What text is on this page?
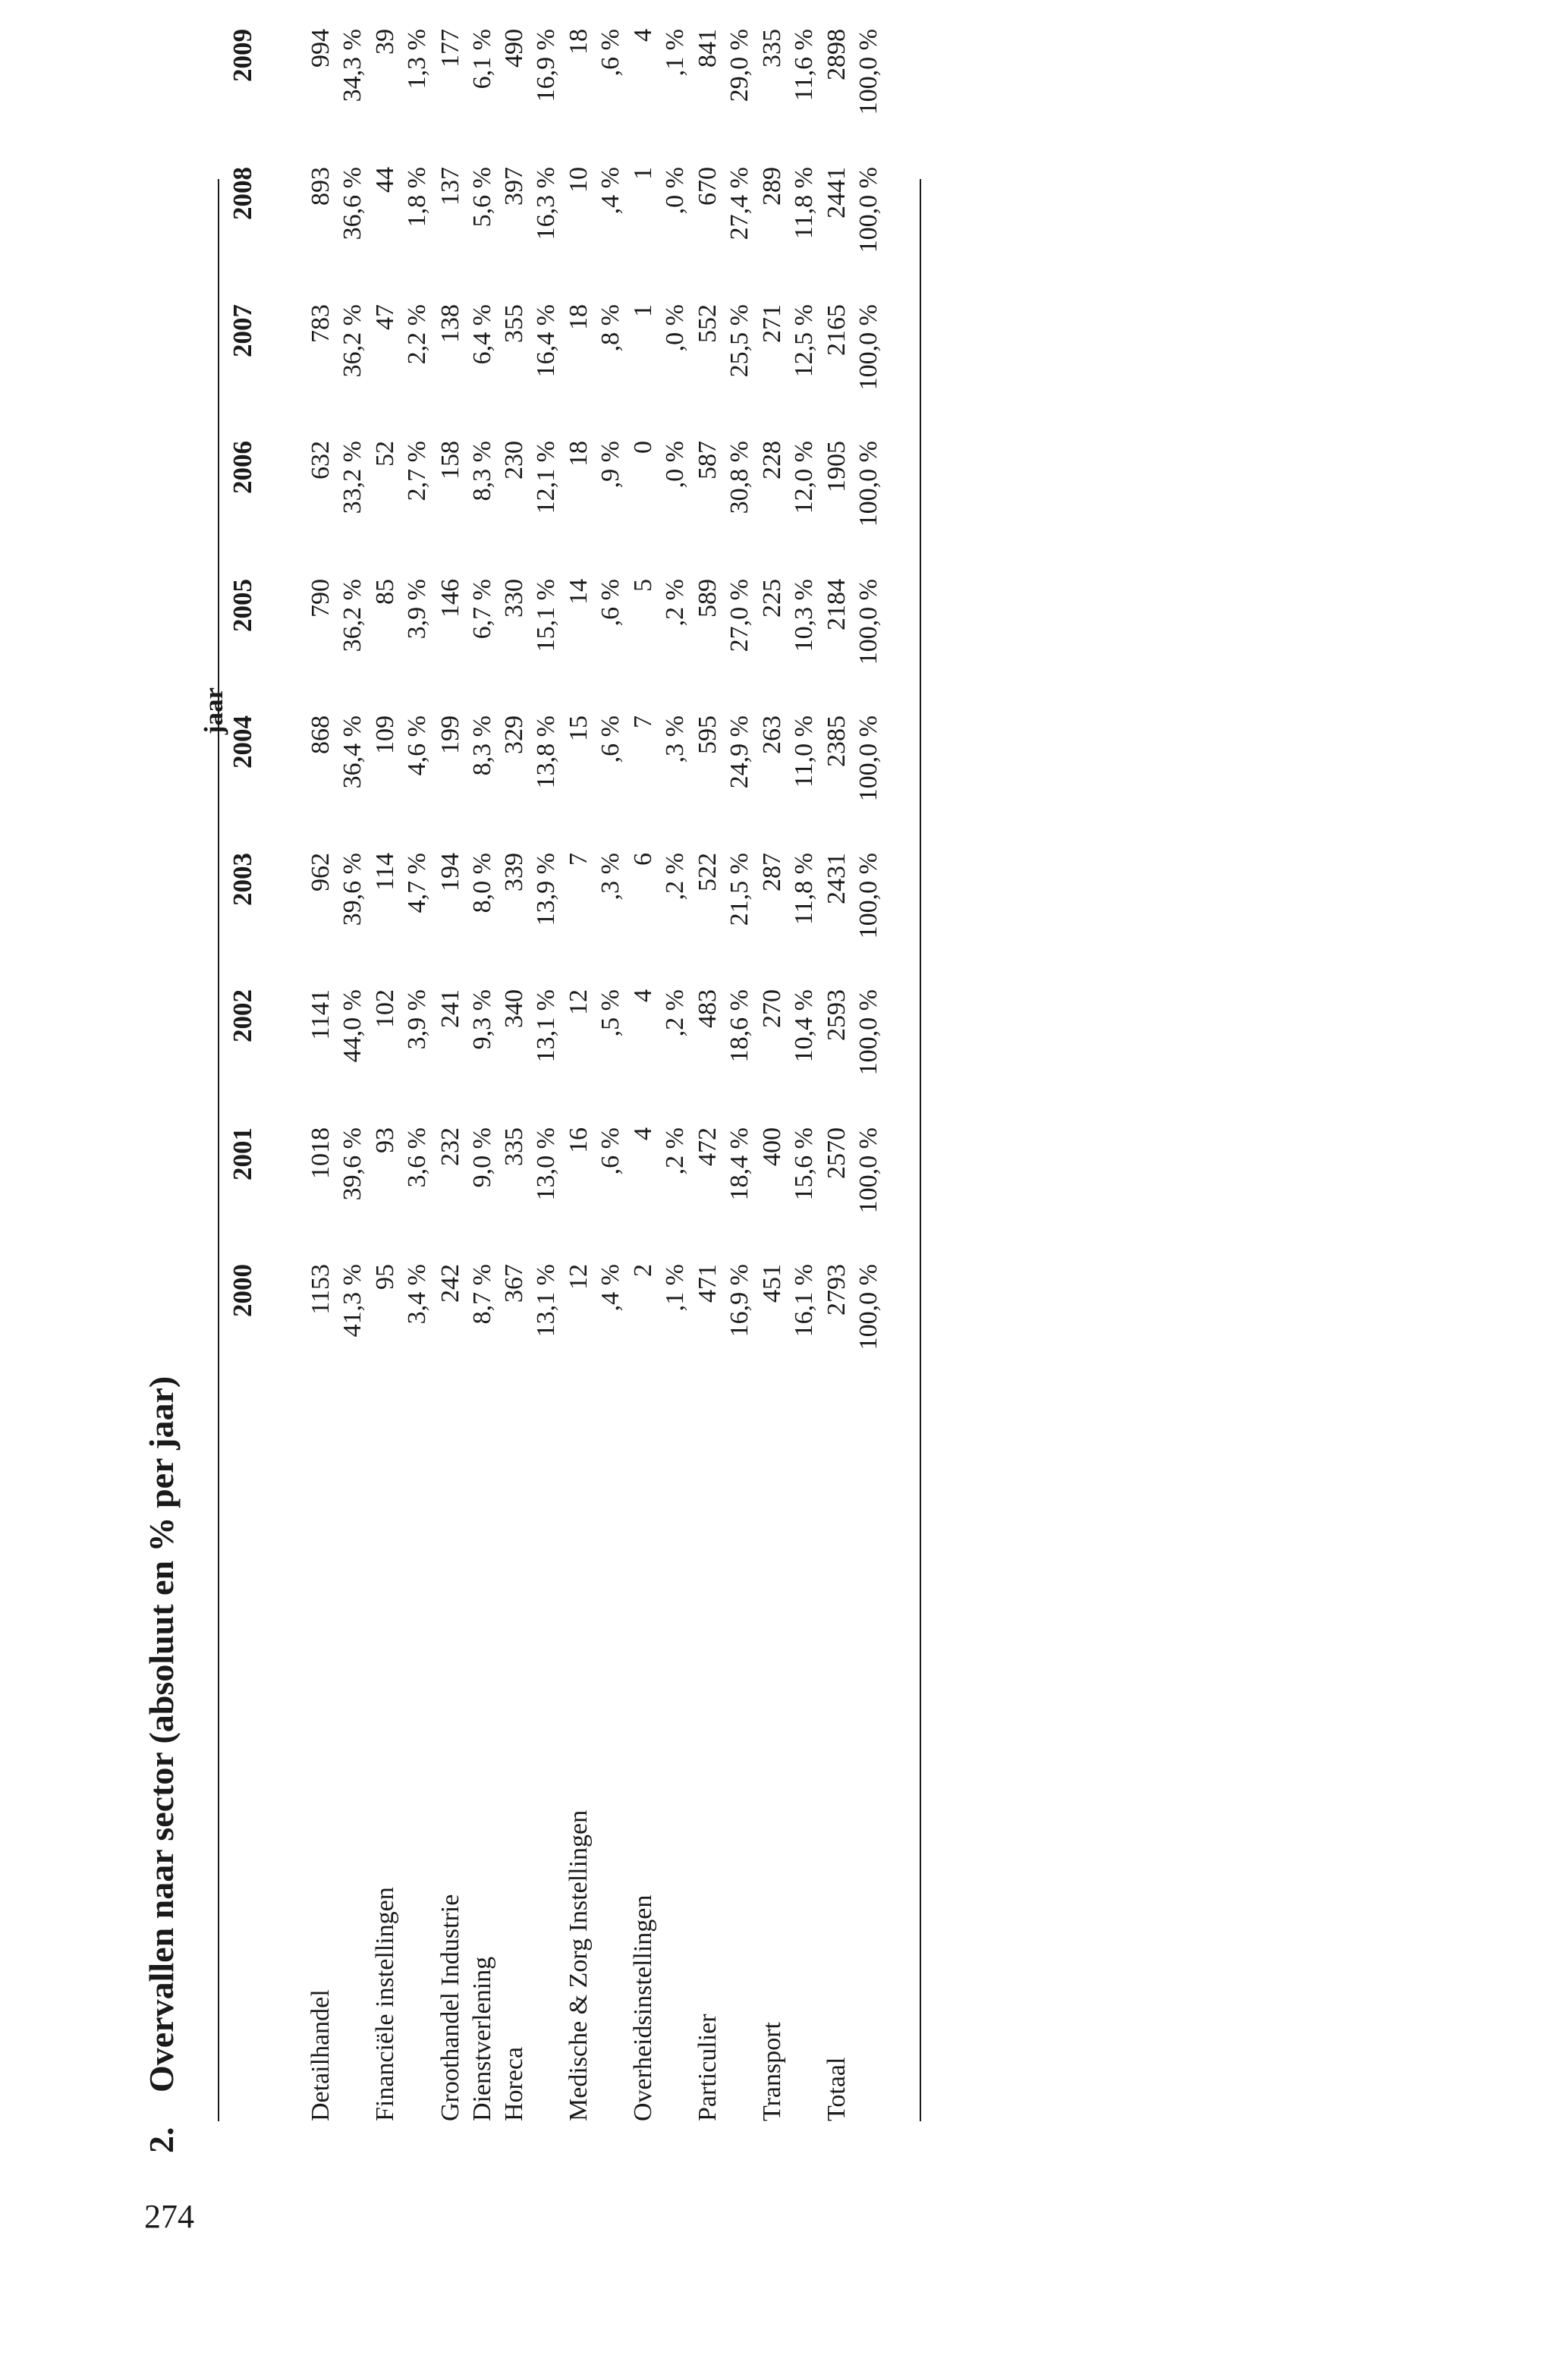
274
2.Overvallen naar sector (absoluut en % per jaar)
jaar
2000
2001
2002
2003
2004
2005
2006
2007
2008
2009
Detailhandel
1153
1018
1141
962
868
790
632
783
893
994
41,3 %
39,6 %
44,0 %
39,6 %
36,4 %
36,2 %
33,2 %
36,2 %
36,6 %
34,3 %
Financiële instellingen
95
93
102
114
109
85
52
47
44
39
3,4 %
3,6 %
3,9 %
4,7 %
4,6 %
3,9 %
2,7 %
2,2 %
1,8 %
1,3 %
Groothandel Industrie
242
232
241
194
199
146
158
138
137
177
8,7 %
9,0 %
9,3 %
8,0 %
8,3 %
6,7 %
8,3 %
6,4 %
5,6 %
6,1 %
Dienstverlening Horeca
367
335
340
339
329
330
230
355
397
490
13,1 %
13,0 %
13,1 %
13,9 %
13,8 %
15,1 %
12,1 %
16,4 %
16,3 %
16,9 %
Medische & Zorg Instellingen
12
16
12
7
15
14
18
18
10
18
,4 %
,6 %
,5 %
,3 %
,6 %
,6 %
,9 %
,8 %
,4 %
,6 %
Overheidsinstellingen
2
4
4
6
7
5
0
1
1
4
,1 %
,2 %
,2 %
,2 %
,3 %
,2 %
,0 %
,0 %
,0 %
,1 %
Particulier
471
472
483
522
595
589
587
552
670
841
16,9 %
18,4 %
18,6 %
21,5 %
24,9 %
27,0 %
30,8 %
25,5 %
27,4 %
29,0 %
Transport
451
400
270
287
263
225
228
271
289
335
16,1 %
15,6 %
10,4 %
11,8 %
11,0 %
10,3 %
12,0 %
12,5 %
11,8 %
11,6 %
Totaal
2793
2570
2593
2431
2385
2184
1905
2165
2441
2898
100,0 %
100,0 %
100,0 %
100,0 %
100,0 %
100,0 %
100,0 %
100,0 %
100,0 %
100,0 %
